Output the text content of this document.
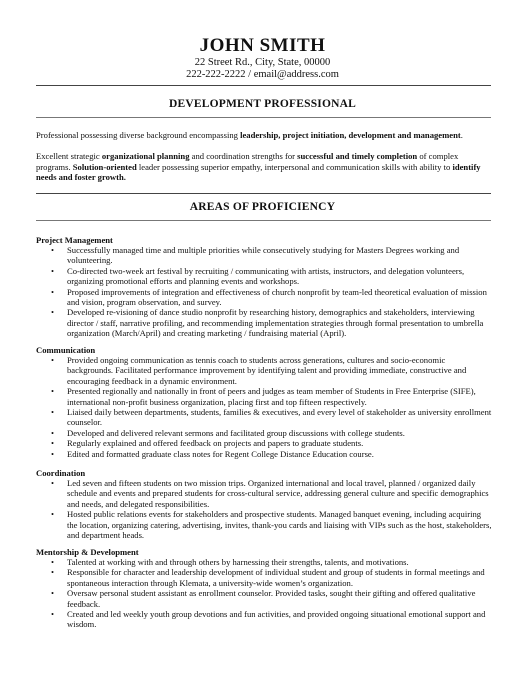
JOHN SMITH
22 Street Rd., City, State, 00000
222-222-2222 / email@address.com
DEVELOPMENT PROFESSIONAL
Professional possessing diverse background encompassing leadership, project initiation, development and management.
Excellent strategic organizational planning and coordination strengths for successful and timely completion of complex programs. Solution-oriented leader possessing superior empathy, interpersonal and communication skills with ability to identify needs and foster growth.
AREAS OF PROFICIENCY
Project Management
• Successfully managed time and multiple priorities while consecutively studying for Masters Degrees working and volunteering.
• Co-directed two-week art festival by recruiting / communicating with artists, instructors, and delegation volunteers, organizing promotional efforts and planning events and workshops.
• Proposed improvements of integration and effectiveness of church nonprofit by team-led theoretical evaluation of mission and vision, program observation, and survey.
• Developed re-visioning of dance studio nonprofit by researching history, demographics and stakeholders, interviewing director / staff, narrative profiling, and recommending implementation strategies through formal presentation to umbrella organization (March/April) and creating marketing / fundraising material (April).
Communication
• Provided ongoing communication as tennis coach to students across generations, cultures and socio-economic backgrounds. Facilitated performance improvement by identifying talent and providing immediate, constructive and encouraging feedback in a dynamic environment.
• Presented regionally and nationally in front of peers and judges as team member of Students in Free Enterprise (SIFE), international non-profit business organization, placing first and top fifteen respectively.
• Liaised daily between departments, students, families & executives, and every level of stakeholder as university enrollment counselor.
• Developed and delivered relevant sermons and facilitated group discussions with college students.
• Regularly explained and offered feedback on projects and papers to graduate students.
• Edited and formatted graduate class notes for Regent College Distance Education course.
Coordination
• Led seven and fifteen students on two mission trips. Organized international and local travel, planned / organized daily schedule and events and prepared students for cross-cultural service, addressing general culture and specific demographics and needs, and delegated responsibilities.
• Hosted public relations events for stakeholders and prospective students. Managed banquet evening, including acquiring the location, organizing catering, advertising, invites, thank-you cards and liaising with VIPs such as the host, stakeholders, and department heads.
Mentorship & Development
• Talented at working with and through others by harnessing their strengths, talents, and motivations.
• Responsible for character and leadership development of individual student and group of students in formal meetings and spontaneous interaction through Klemata, a university-wide women’s organization.
• Oversaw personal student assistant as enrollment counselor. Provided tasks, sought their gifting and offered qualitative feedback.
• Created and led weekly youth group devotions and fun activities, and provided ongoing situational emotional support and wisdom.
